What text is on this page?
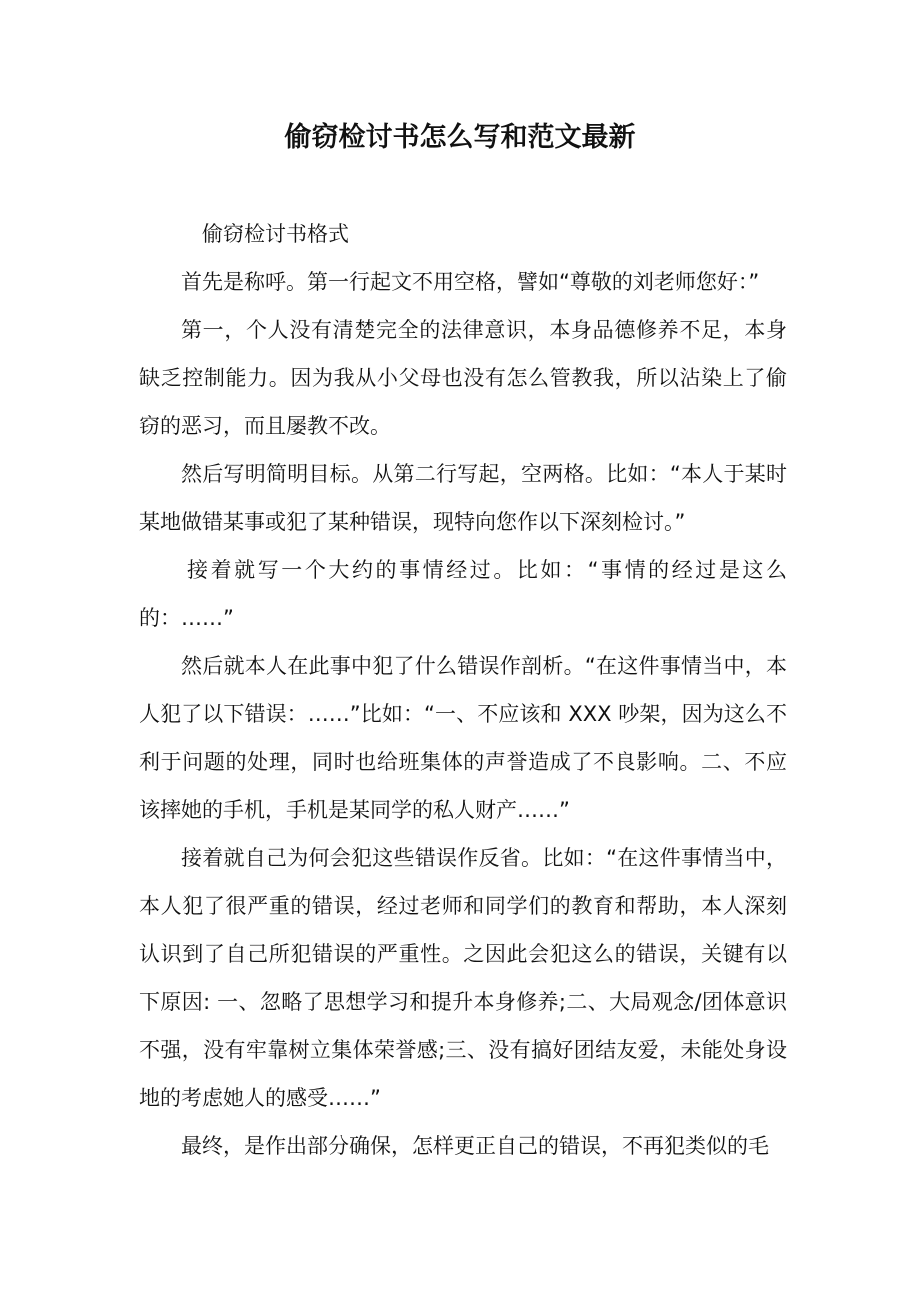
偷窃检讨书怎么写和范文最新

偷窃检讨书格式

首先是称呼。第一行起文不用空格，譬如“尊敬的刘老师您好：”

第一，个人没有清楚完全的法律意识，本身品德修养不足，本身缺乏控制能力。因为我从小父母也没有怎么管教我，所以沾染上了偷窃的恶习，而且屡教不改。

然后写明简明目标。从第二行写起，空两格。比如：“本人于某时某地做错某事或犯了某种错误，现特向您作以下深刻检讨。”

接着就写一个大约的事情经过。比如：“事情的经过是这么的：……”

然后就本人在此事中犯了什么错误作剖析。“在这件事情当中，本人犯了以下错误：……”比如：“一、不应该和 XXX 吵架，因为这么不利于问题的处理，同时也给班集体的声誉造成了不良影响。二、不应该摔她的手机，手机是某同学的私人财产……”

接着就自己为何会犯这些错误作反省。比如：“在这件事情当中，本人犯了很严重的错误，经过老师和同学们的教育和帮助，本人深刻认识到了自己所犯错误的严重性。之因此会犯这么的错误，关键有以下原因: 一、忽略了思想学习和提升本身修养;二、大局观念/团体意识不强，没有牢靠树立集体荣誉感;三、没有搞好团结友爱，未能处身设地的考虑她人的感受……”

最终，是作出部分确保，怎样更正自己的错误，不再犯类似的毛
